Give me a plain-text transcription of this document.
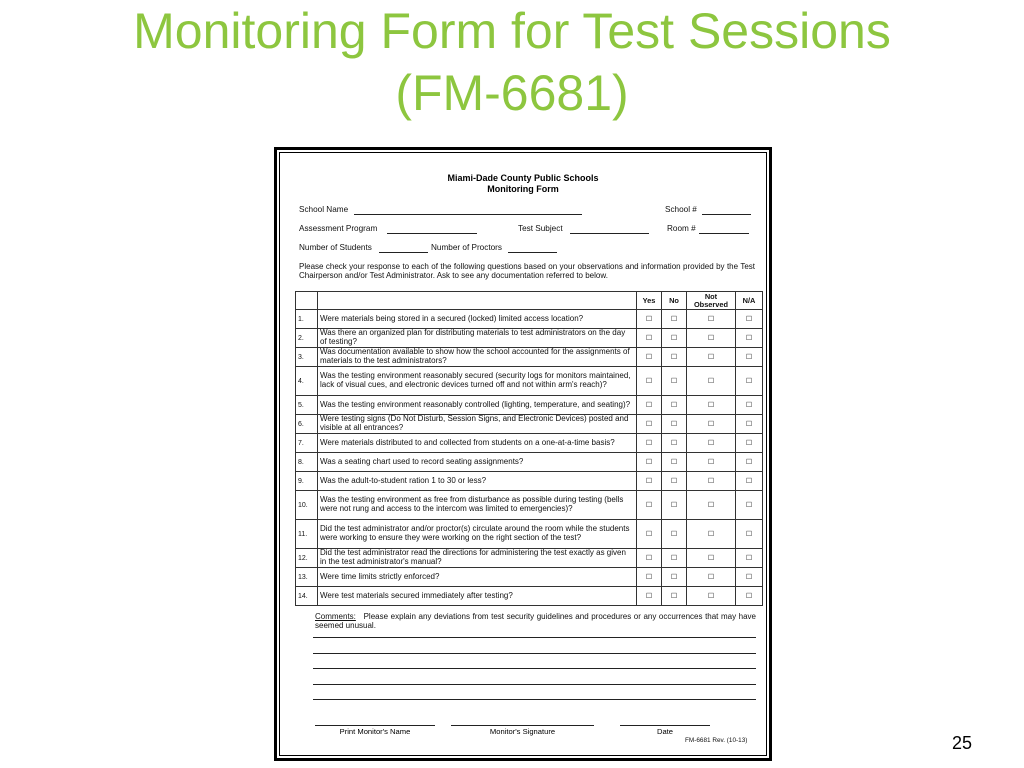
Monitoring Form for Test Sessions
(FM-6681)
Miami-Dade County Public Schools
Monitoring Form
School Name	School #
Assessment Program	Test Subject	Room #
Number of Students	Number of Proctors
Please check your response to each of the following questions based on your observations and information provided by the Test Chairperson and/or Test Administrator. Ask to see any documentation referred to below.
		Yes	No	Not Observed	N/A
1.	Were materials being stored in a secured (locked) limited access location?	☐	☐	☐	☐
2.	Was there an organized plan for distributing materials to test administrators on the day of testing?	☐	☐	☐	☐
3.	Was documentation available to show how the school accounted for the assignments of materials to the test administrators?	☐	☐	☐	☐
4.	Was the testing environment reasonably secured (security logs for monitors maintained, lack of visual cues, and electronic devices turned off and not within arm's reach)?	☐	☐	☐	☐
5.	Was the testing environment reasonably controlled (lighting, temperature, and seating)?	☐	☐	☐	☐
6.	Were testing signs (Do Not Disturb, Session Signs, and Electronic Devices) posted and visible at all entrances?	☐	☐	☐	☐
7.	Were materials distributed to and collected from students on a one-at-a-time basis?	☐	☐	☐	☐
8.	Was a seating chart used to record seating assignments?	☐	☐	☐	☐
9.	Was the adult-to-student ration 1 to 30 or less?	☐	☐	☐	☐
10.	Was the testing environment as free from disturbance as possible during testing (bells were not rung and access to the intercom was limited to emergencies)?	☐	☐	☐	☐
11.	Did the test administrator and/or proctor(s) circulate around the room while the students were working to ensure they were working on the right section of the test?	☐	☐	☐	☐
12.	Did the test administrator read the directions for administering the test exactly as given in the test administrator's manual?	☐	☐	☐	☐
13.	Were time limits strictly enforced?	☐	☐	☐	☐
14.	Were test materials secured immediately after testing?	☐	☐	☐	☐
Comments: Please explain any deviations from test security guidelines and procedures or any occurrences that may have seemed unusual.
Print Monitor's Name	Monitor's Signature	Date
FM-6681 Rev. (10-13)	25
